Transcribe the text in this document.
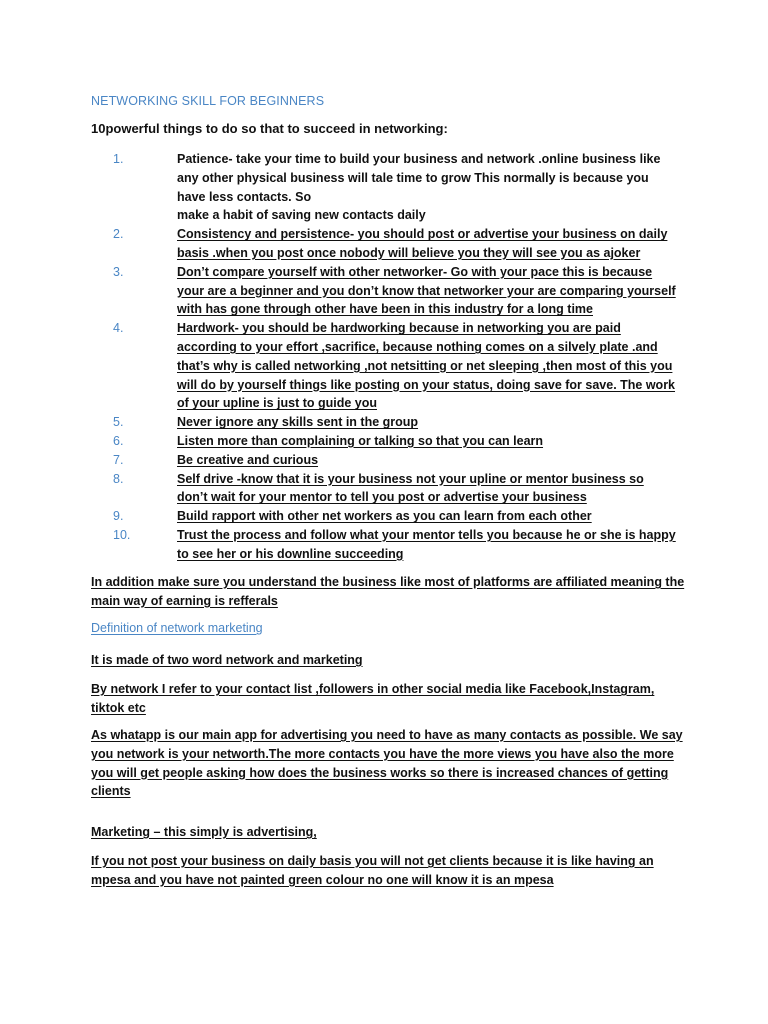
NETWORKING SKILL FOR BEGINNERS

10powerful things to do so that to succeed in networking:

1.	Patience- take your time to build your business and network .online business like any other physical business will tale time to grow This normally is because you have less contacts. So
make a habit of saving new contacts daily
2.	Consistency and persistence- you should post or advertise your business on daily basis .when you post once nobody will believe you they will see you as ajoker
3.	Don’t compare yourself with other networker- Go with your pace this is because your are a beginner and you don’t know that networker your are comparing yourself with has gone through other have been in this industry for a long time
4.	Hardwork- you should be hardworking because in networking you are paid according to your effort ,sacrifice, because nothing comes on a silvely plate .and that’s why is called networking ,not netsitting or net sleeping ,then most of this you will do by yourself things like posting on your status, doing save for save. The work of your upline is just to guide you
5.	Never ignore any skills sent in the group
6.	Listen more than complaining or talking so that you can learn
7.	Be creative and curious
8.	Self drive -know that it is your business not your upline or mentor business so don’t wait for your mentor to tell you post or advertise your business
9.	Build rapport with other net workers as you can learn from each other
10.	Trust the process and follow what your mentor tells you because he or she is happy to see her or his downline succeeding

In addition make sure you understand the business like most of platforms are affiliated meaning the main way of earning is refferals

Definition of network marketing

It is made of two word network and marketing

By network I refer to your contact list ,followers in other social media like Facebook,Instagram, tiktok etc

As whatapp is our main app for advertising you need to have as many contacts as possible. We say you network is your networth.The more contacts you have the more views you have also the more you will get people asking how does the business works so there is increased chances of getting clients

Marketing – this simply is advertising,

If you not post your business on daily basis you will not get clients because it is like having an mpesa and you have not painted green colour no one will know it is an mpesa
